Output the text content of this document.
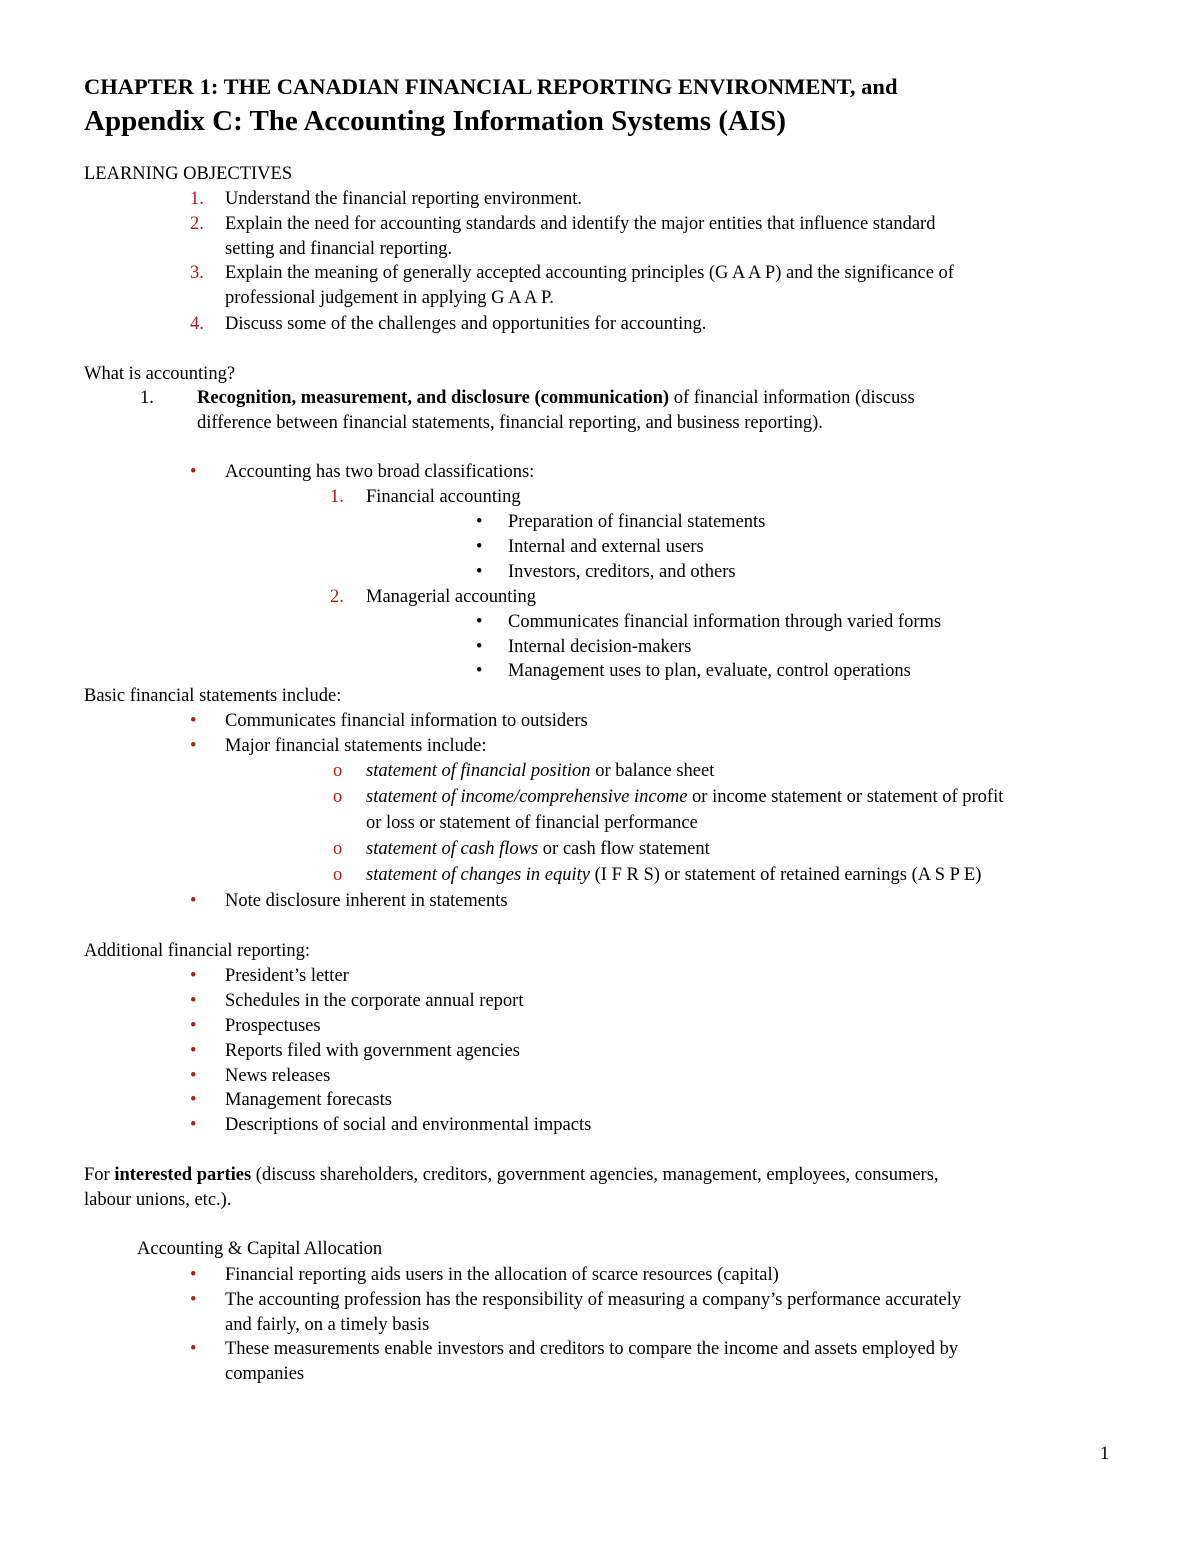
CHAPTER 1: THE CANADIAN FINANCIAL REPORTING ENVIRONMENT, and
Appendix C: The Accounting Information Systems (AIS)
LEARNING OBJECTIVES
1. Understand the financial reporting environment.
2. Explain the need for accounting standards and identify the major entities that influence standard
setting and financial reporting.
3. Explain the meaning of generally accepted accounting principles (G A A P) and the significance of
professional judgement in applying G A A P.
4. Discuss some of the challenges and opportunities for accounting.
What is accounting?
1. Recognition, measurement, and disclosure (communication) of financial information (discuss
difference between financial statements, financial reporting, and business reporting).
• Accounting has two broad classifications:
1. Financial accounting
• Preparation of financial statements
• Internal and external users
• Investors, creditors, and others
2. Managerial accounting
• Communicates financial information through varied forms
• Internal decision-makers
• Management uses to plan, evaluate, control operations
Basic financial statements include:
• Communicates financial information to outsiders
• Major financial statements include:
o statement of financial position or balance sheet
o statement of income/comprehensive income or income statement or statement of profit
or loss or statement of financial performance
o statement of cash flows or cash flow statement
o statement of changes in equity (I F R S) or statement of retained earnings (A S P E)
• Note disclosure inherent in statements
Additional financial reporting:
• President’s letter
• Schedules in the corporate annual report
• Prospectuses
• Reports filed with government agencies
• News releases
• Management forecasts
• Descriptions of social and environmental impacts
For interested parties (discuss shareholders, creditors, government agencies, management, employees, consumers,
labour unions, etc.).
Accounting & Capital Allocation
• Financial reporting aids users in the allocation of scarce resources (capital)
• The accounting profession has the responsibility of measuring a company’s performance accurately
and fairly, on a timely basis
• These measurements enable investors and creditors to compare the income and assets employed by
companies
1
